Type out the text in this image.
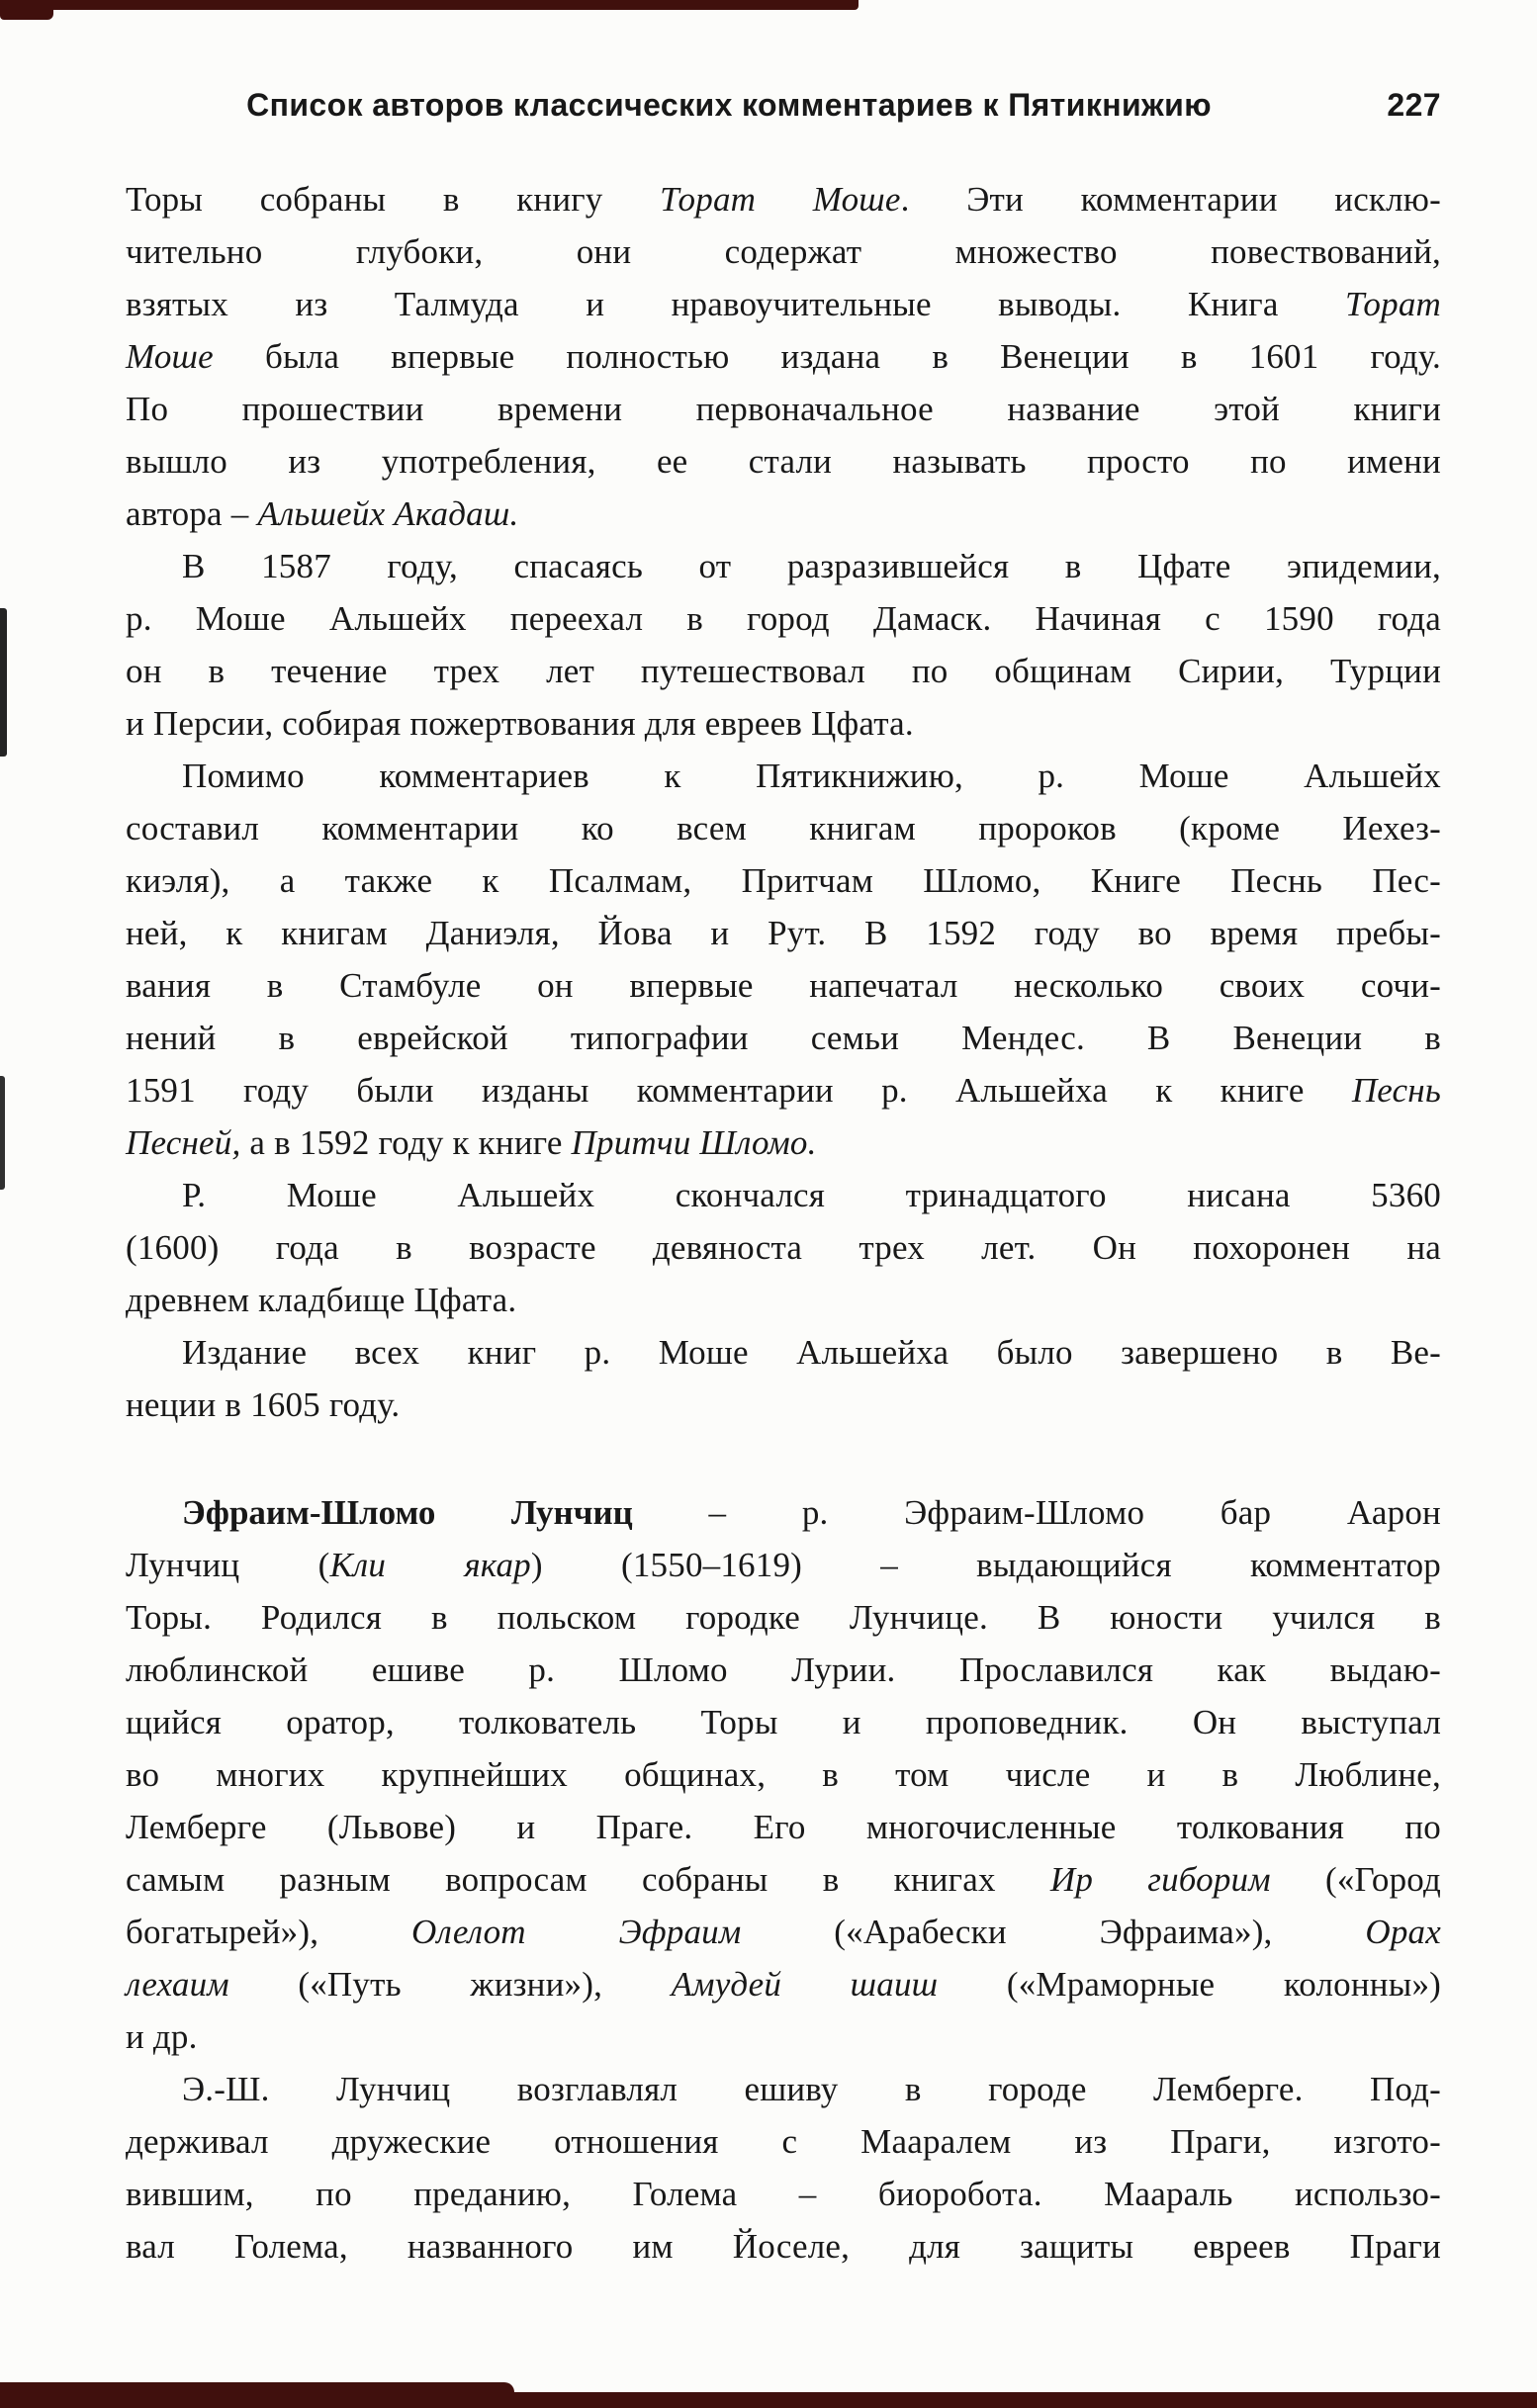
Список авторов классических комментариев к Пятикнижию	227
Торы собраны в книгу Торат Моше. Эти комментарии исклю-
чительно глубоки, они содержат множество повествований,
взятых из Талмуда и нравоучительные выводы. Книга Торат
Моше была впервые полностью издана в Венеции в 1601 году.
По прошествии времени первоначальное название этой книги
вышло из употребления, ее стали называть просто по имени
автора – Альшейх Акадаш.
В 1587 году, спасаясь от разразившейся в Цфате эпидемии,
р. Моше Альшейх переехал в город Дамаск. Начиная с 1590 года
он в течение трех лет путешествовал по общинам Сирии, Турции
и Персии, собирая пожертвования для евреев Цфата.
Помимо комментариев к Пятикнижию, р. Моше Альшейх
составил комментарии ко всем книгам пророков (кроме Иехез-
киэля), а также к Псалмам, Притчам Шломо, Книге Песнь Пес-
ней, к книгам Даниэля, Йова и Рут. В 1592 году во время пребы-
вания в Стамбуле он впервые напечатал несколько своих сочи-
нений в еврейской типографии семьи Мендес. В Венеции в
1591 году были изданы комментарии р. Альшейха к книге Песнь
Песней, а в 1592 году к книге Притчи Шломо.
Р. Моше Альшейх скончался тринадцатого нисана 5360
(1600) года в возрасте девяноста трех лет. Он похоронен на
древнем кладбище Цфата.
Издание всех книг р. Моше Альшейха было завершено в Ве-
неции в 1605 году.
Эфраим-Шломо Лунчиц – р. Эфраим-Шломо бар Аарон
Лунчиц (Кли якар) (1550–1619) – выдающийся комментатор
Торы. Родился в польском городке Лунчице. В юности учился в
люблинской ешиве р. Шломо Лурии. Прославился как выдаю-
щийся оратор, толкователь Торы и проповедник. Он выступал
во многих крупнейших общинах, в том числе и в Люблине,
Лемберге (Львове) и Праге. Его многочисленные толкования по
самым разным вопросам собраны в книгах Ир гиборим («Город
богатырей»), Олелот Эфраим («Арабески Эфраима»), Орах
лехаим («Путь жизни»), Амудей шаиш («Мраморные колонны»)
и др.
Э.-Ш. Лунчиц возглавлял ешиву в городе Лемберге. Под-
держивал дружеские отношения с Мааралем из Праги, изгото-
вившим, по преданию, Голема – биоробота. Маараль использо-
вал Голема, названного им Йоселе, для защиты евреев Праги
